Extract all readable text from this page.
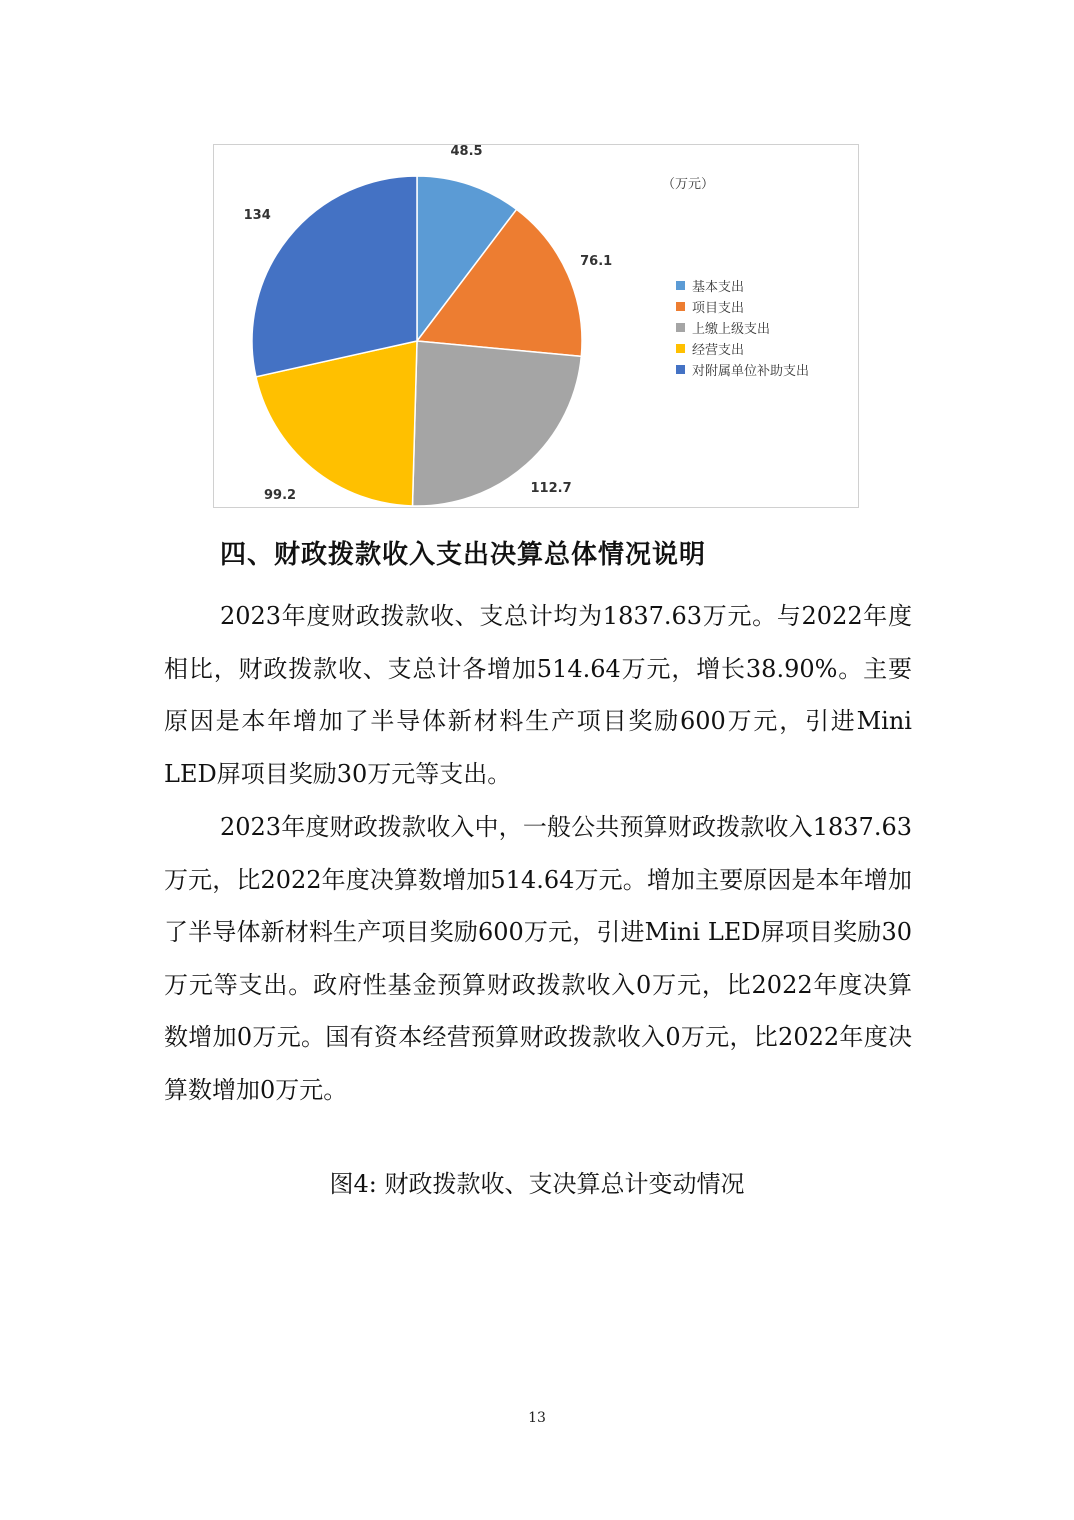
（万元）
基本支出
项目支出
上缴上级支出
经营支出
对附属单位补助支出
48.5
76.1
112.7
99.2
134
四、财政拨款收入支出决算总体情况说明

2023年度财政拨款收、支总计均为1837.63万元。与2022年度相比，财政拨款收、支总计各增加514.64万元，增长38.90%。主要原因是本年增加了半导体新材料生产项目奖励600万元，引进Mini LED屏项目奖励30万元等支出。

2023年度财政拨款收入中，一般公共预算财政拨款收入1837.63万元，比2022年度决算数增加514.64万元。增加主要原因是本年增加了半导体新材料生产项目奖励600万元，引进Mini LED屏项目奖励30万元等支出。政府性基金预算财政拨款收入0万元，比2022年度决算数增加0万元。国有资本经营预算财政拨款收入0万元，比2022年度决算数增加0万元。

图4: 财政拨款收、支决算总计变动情况
13
